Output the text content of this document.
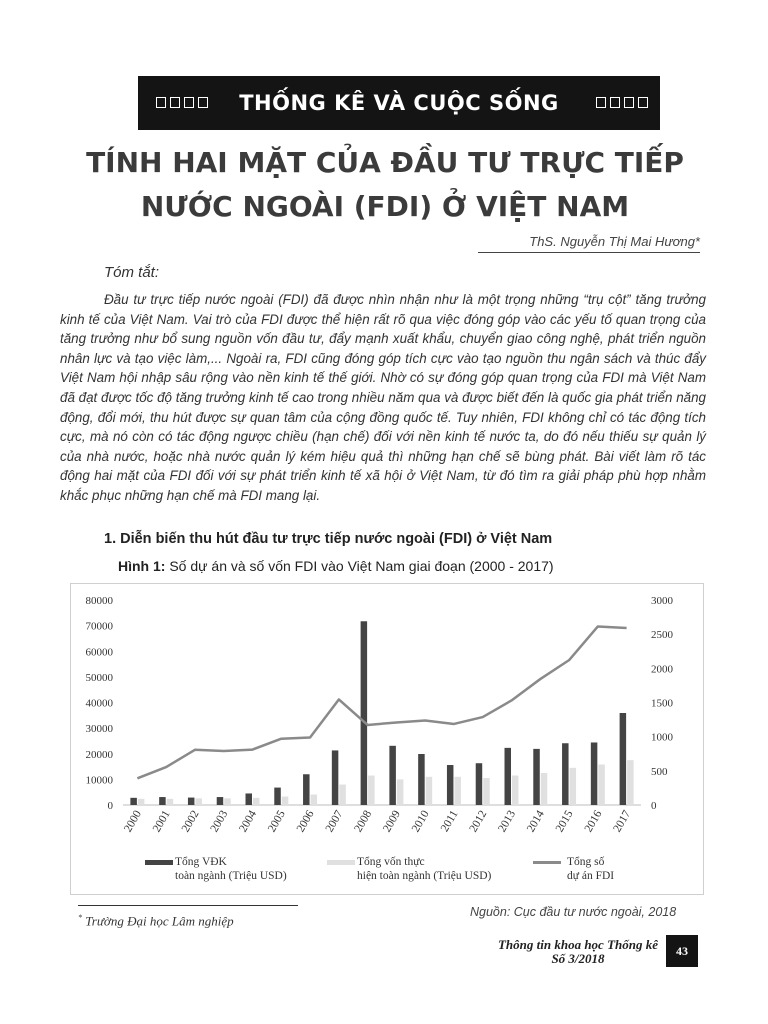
THỐNG KÊ VÀ CUỘC SỐNG
TÍNH HAI MẶT CỦA ĐẦU TƯ TRỰC TIẾP
NƯỚC NGOÀI (FDI) Ở VIỆT NAM
ThS. Nguyễn Thị Mai Hương*
Tóm tắt:

Đầu tư trực tiếp nước ngoài (FDI) đã được nhìn nhận như là một trọng những “trụ cột” tăng trưởng kinh tế của Việt Nam. Vai trò của FDI được thể hiện rất rõ qua việc đóng góp vào các yếu tố quan trọng của tăng trưởng như bổ sung nguồn vốn đầu tư, đẩy mạnh xuất khẩu, chuyển giao công nghệ, phát triển nguồn nhân lực và tạo việc làm,... Ngoài ra, FDI cũng đóng góp tích cực vào tạo nguồn thu ngân sách và thúc đẩy Việt Nam hội nhập sâu rộng vào nền kinh tế thế giới. Nhờ có sự đóng góp quan trọng của FDI mà Việt Nam đã đạt được tốc độ tăng trưởng kinh tế cao trong nhiều năm qua và được biết đến là quốc gia phát triển năng động, đổi mới, thu hút được sự quan tâm của cộng đồng quốc tế. Tuy nhiên, FDI không chỉ có tác động tích cực, mà nó còn có tác động ngược chiều (hạn chế) đối với nền kinh tế nước ta, do đó nếu thiếu sự quản lý của nhà nước, hoặc nhà nước quản lý kém hiệu quả thì những hạn chế sẽ bùng phát. Bài viết làm rõ tác động hai mặt của FDI đối với sự phát triển kinh tế xã hội ở Việt Nam, từ đó tìm ra giải pháp phù hợp nhằm khắc phục những hạn chế mà FDI mang lại.

1. Diễn biến thu hút đầu tư trực tiếp nước ngoài (FDI) ở Việt Nam
Hình 1: Số dự án và số vốn FDI vào Việt Nam giai đoạn (2000 - 2017)
0
10000
20000
30000
40000
50000
60000
70000
80000
0
500
1000
1500
2000
2500
3000
2000 2001 2002 2003 2004 2005 2006 2007 2008 2009 2010 2011 2012 2013 2014 2015 2016 2017
Tổng VĐK
toàn ngành (Triệu USD)
Tổng vốn thực
hiện toàn ngành (Triệu USD)
Tổng số
dự án FDI
Nguồn: Cục đầu tư nước ngoài, 2018
* Trường Đại học Lâm nghiệp
Thông tin khoa học Thống kê
Số 3/2018
43
